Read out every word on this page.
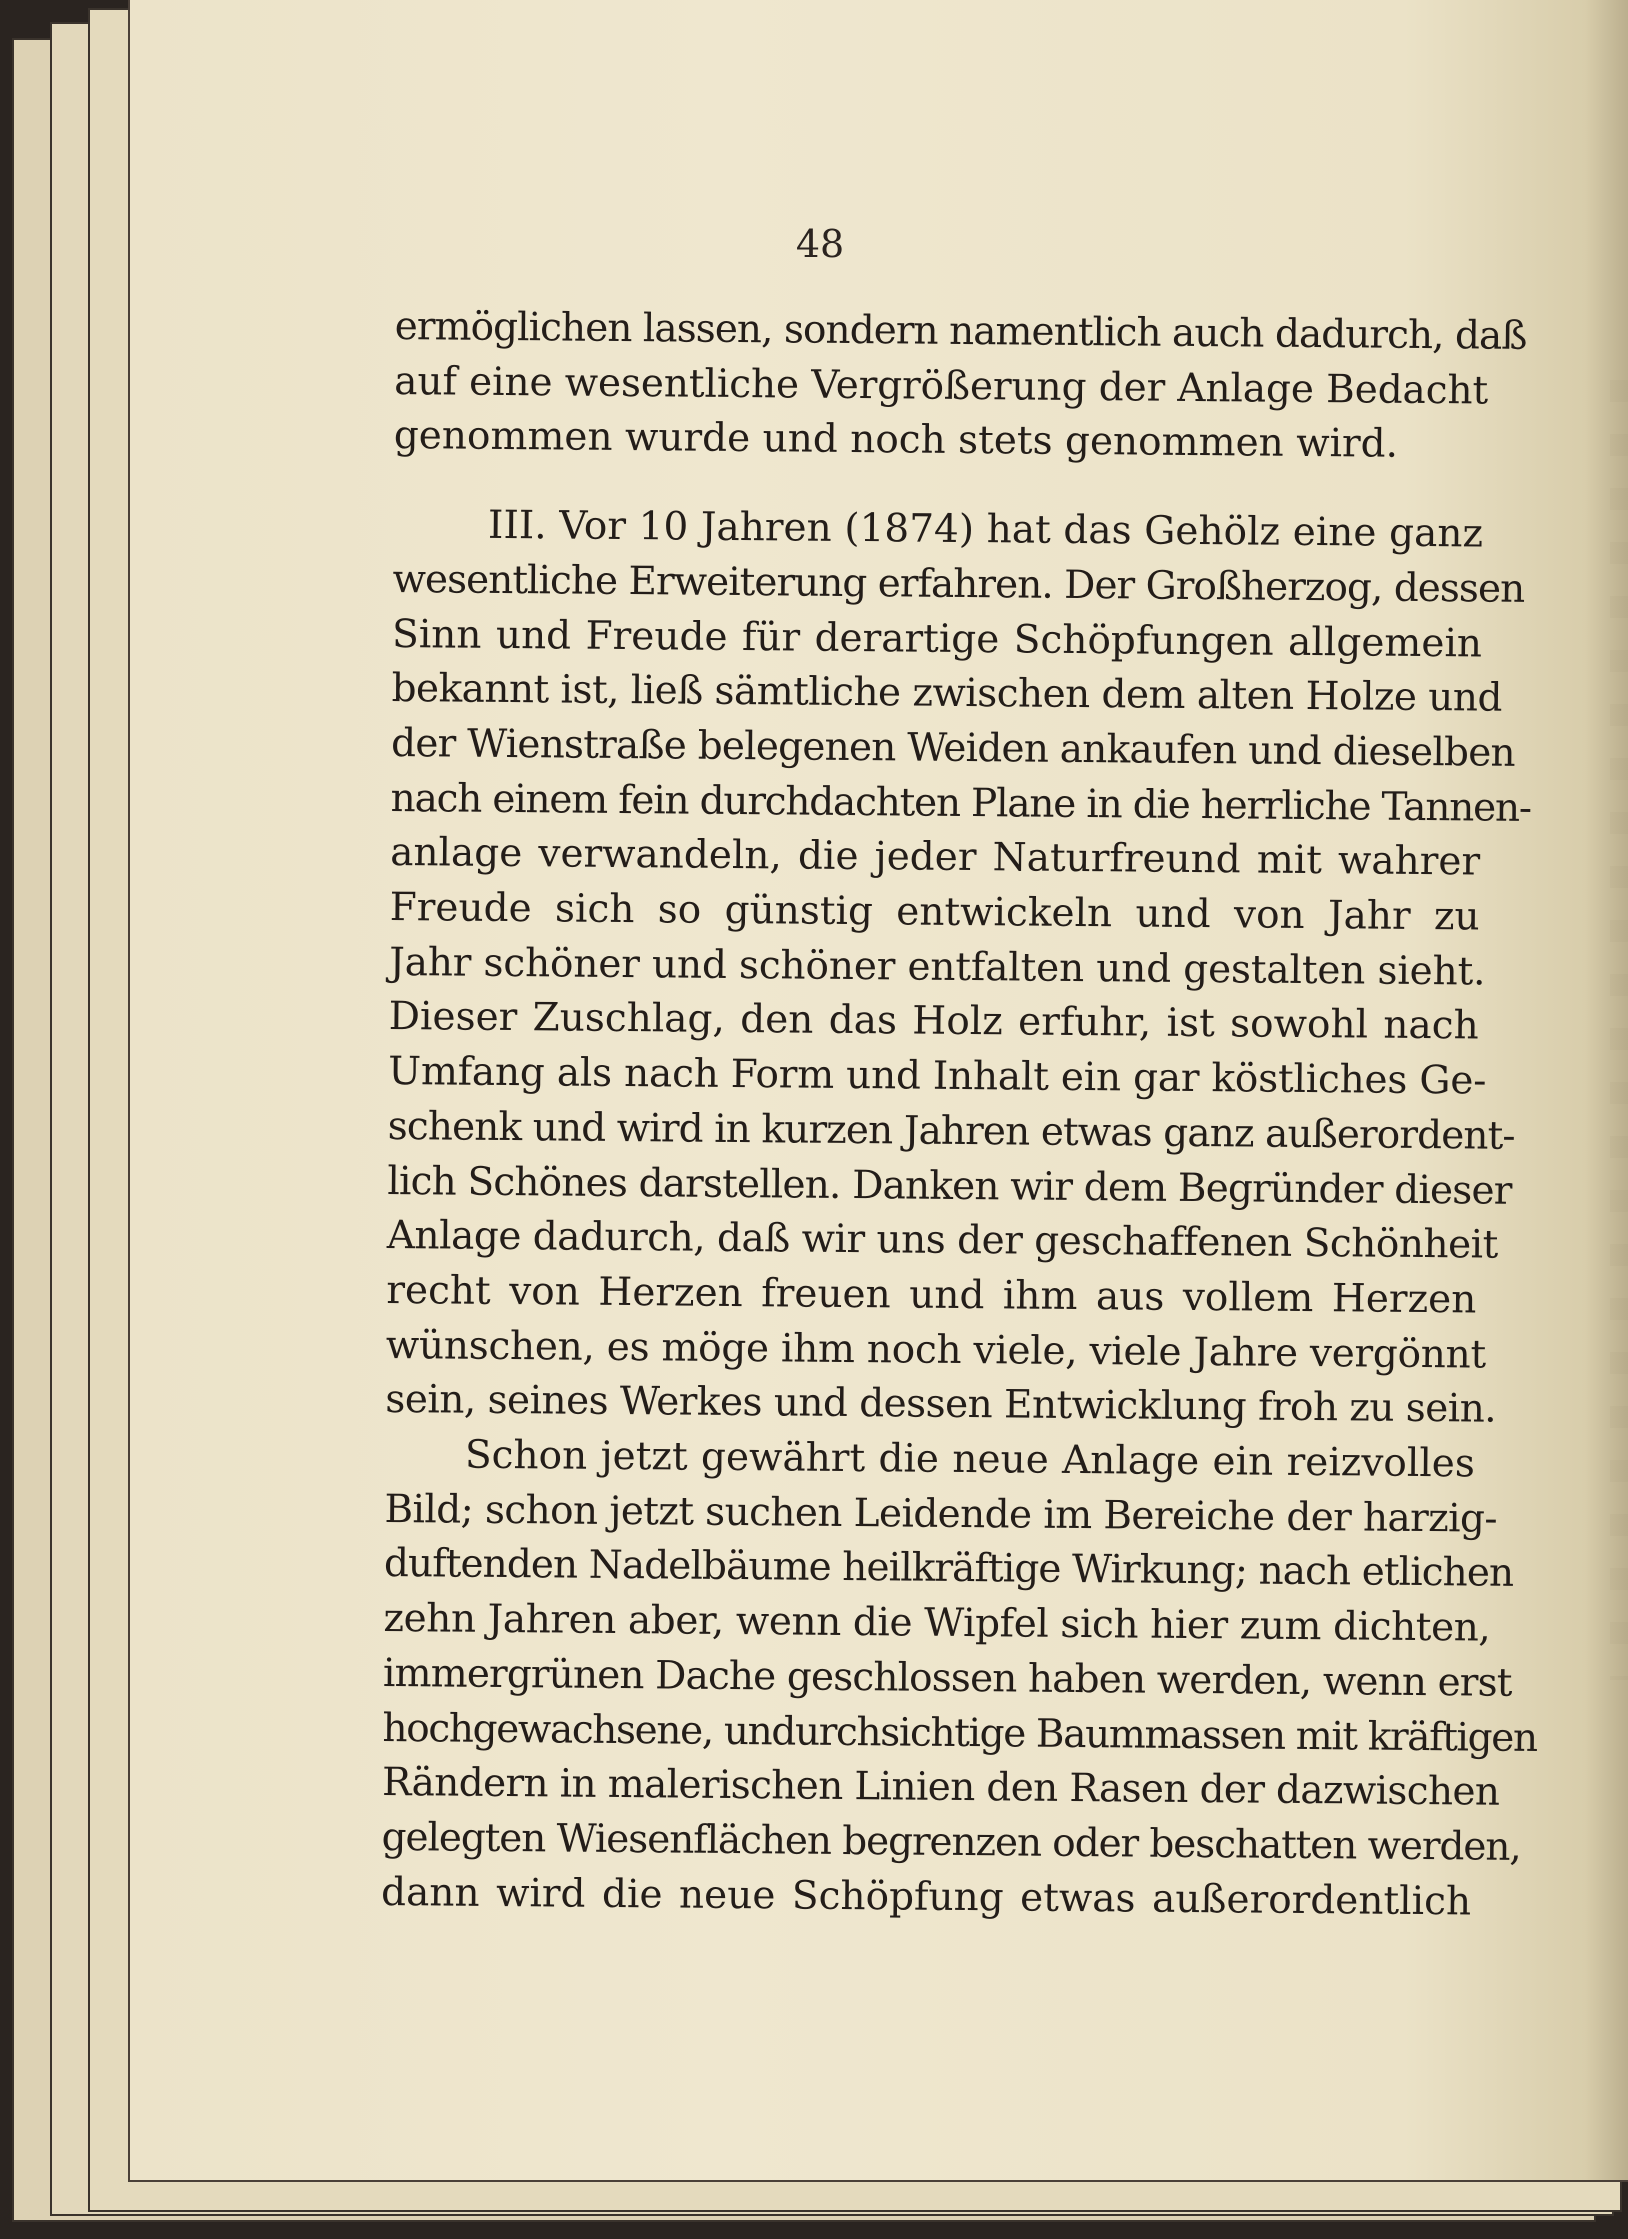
48

ermöglichen lassen, sondern namentlich auch dadurch, daß
auf eine wesentliche Vergrößerung der Anlage Bedacht
genommen wurde und noch stets genommen wird.

III. Vor 10 Jahren (1874) hat das Gehölz eine ganz
wesentliche Erweiterung erfahren. Der Großherzog, dessen
Sinn und Freude für derartige Schöpfungen allgemein
bekannt ist, ließ sämtliche zwischen dem alten Holze und
der Wienstraße belegenen Weiden ankaufen und dieselben
nach einem fein durchdachten Plane in die herrliche Tannen-
anlage verwandeln, die jeder Naturfreund mit wahrer
Freude sich so günstig entwickeln und von Jahr zu
Jahr schöner und schöner entfalten und gestalten sieht.
Dieser Zuschlag, den das Holz erfuhr, ist sowohl nach
Umfang als nach Form und Inhalt ein gar köstliches Ge-
schenk und wird in kurzen Jahren etwas ganz außerordent-
lich Schönes darstellen. Danken wir dem Begründer dieser
Anlage dadurch, daß wir uns der geschaffenen Schönheit
recht von Herzen freuen und ihm aus vollem Herzen
wünschen, es möge ihm noch viele, viele Jahre vergönnt
sein, seines Werkes und dessen Entwicklung froh zu sein.

Schon jetzt gewährt die neue Anlage ein reizvolles
Bild; schon jetzt suchen Leidende im Bereiche der harzig-
duftenden Nadelbäume heilkräftige Wirkung; nach etlichen
zehn Jahren aber, wenn die Wipfel sich hier zum dichten,
immergrünen Dache geschlossen haben werden, wenn erst
hochgewachsene, undurchsichtige Baummassen mit kräftigen
Rändern in malerischen Linien den Rasen der dazwischen
gelegten Wiesenflächen begrenzen oder beschatten werden,
dann wird die neue Schöpfung etwas außerordentlich
